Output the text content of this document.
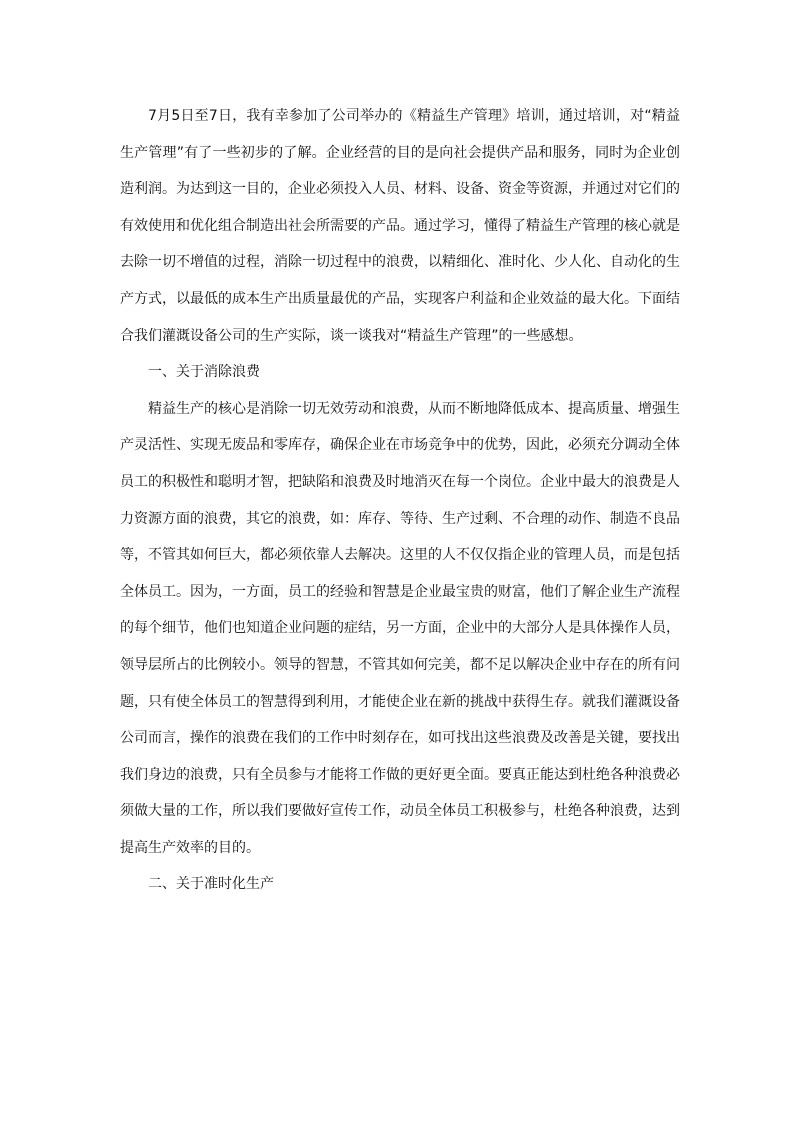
7月5日至7日，我有幸参加了公司举办的《精益生产管理》培训，通过培训，对“精益生产管理”有了一些初步的了解。企业经营的目的是向社会提供产品和服务，同时为企业创造利润。为达到这一目的，企业必须投入人员、材料、设备、资金等资源，并通过对它们的有效使用和优化组合制造出社会所需要的产品。通过学习，懂得了精益生产管理的核心就是去除一切不增值的过程，消除一切过程中的浪费，以精细化、准时化、少人化、自动化的生产方式，以最低的成本生产出质量最优的产品，实现客户利益和企业效益的最大化。下面结合我们灌溉设备公司的生产实际，谈一谈我对“精益生产管理”的一些感想。

一、关于消除浪费

精益生产的核心是消除一切无效劳动和浪费，从而不断地降低成本、提高质量、增强生产灵活性、实现无废品和零库存，确保企业在市场竞争中的优势，因此，必须充分调动全体员工的积极性和聪明才智，把缺陷和浪费及时地消灭在每一个岗位。企业中最大的浪费是人力资源方面的浪费，其它的浪费，如：库存、等待、生产过剩、不合理的动作、制造不良品等，不管其如何巨大，都必须依靠人去解决。这里的人不仅仅指企业的管理人员，而是包括全体员工。因为，一方面，员工的经验和智慧是企业最宝贵的财富，他们了解企业生产流程的每个细节，他们也知道企业问题的症结，另一方面，企业中的大部分人是具体操作人员，领导层所占的比例较小。领导的智慧，不管其如何完美，都不足以解决企业中存在的所有问题，只有使全体员工的智慧得到利用，才能使企业在新的挑战中获得生存。就我们灌溉设备公司而言，操作的浪费在我们的工作中时刻存在，如可找出这些浪费及改善是关键，要找出我们身边的浪费，只有全员参与才能将工作做的更好更全面。要真正能达到杜绝各种浪费必须做大量的工作，所以我们要做好宣传工作，动员全体员工积极参与，杜绝各种浪费，达到提高生产效率的目的。

二、关于准时化生产
